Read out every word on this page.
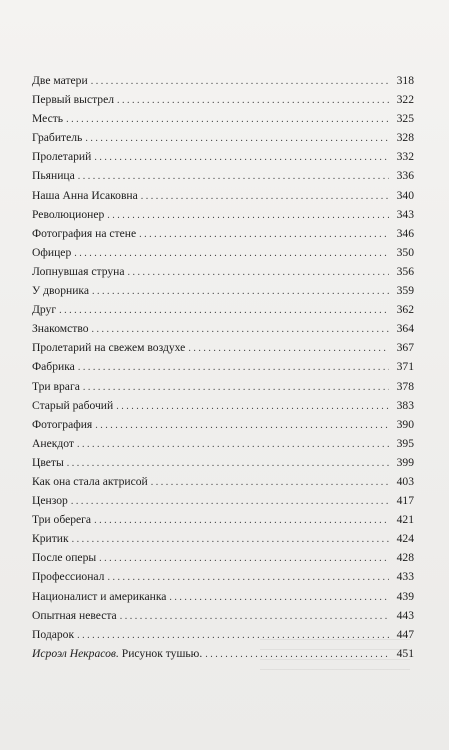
Две матери . . .	318
Первый выстрел . . .	322
Месть . . .	325
Грабитель . . .	328
Пролетарий . . .	332
Пьяница . . .	336
Наша Анна Исаковна . . .	340
Революционер . . .	343
Фотография на стене . . .	346
Офицер . . .	350
Лопнувшая струна . . .	356
У дворника . . .	359
Друг . . .	362
Знакомство . . .	364
Пролетарий на свежем воздухе . . .	367
Фабрика . . .	371
Три врага . . .	378
Старый рабочий . . .	383
Фотография . . .	390
Анекдот . . .	395
Цветы . . .	399
Как она стала актрисой . . .	403
Цензор . . .	417
Три оберега . . .	421
Критик . . .	424
После оперы . . .	428
Профессионал . . .	433
Националист и американка . . .	439
Опытная невеста . . .	443
Подарок . . .	447
Исроэл Некрасов. Рисунок тушью. . . .	451
